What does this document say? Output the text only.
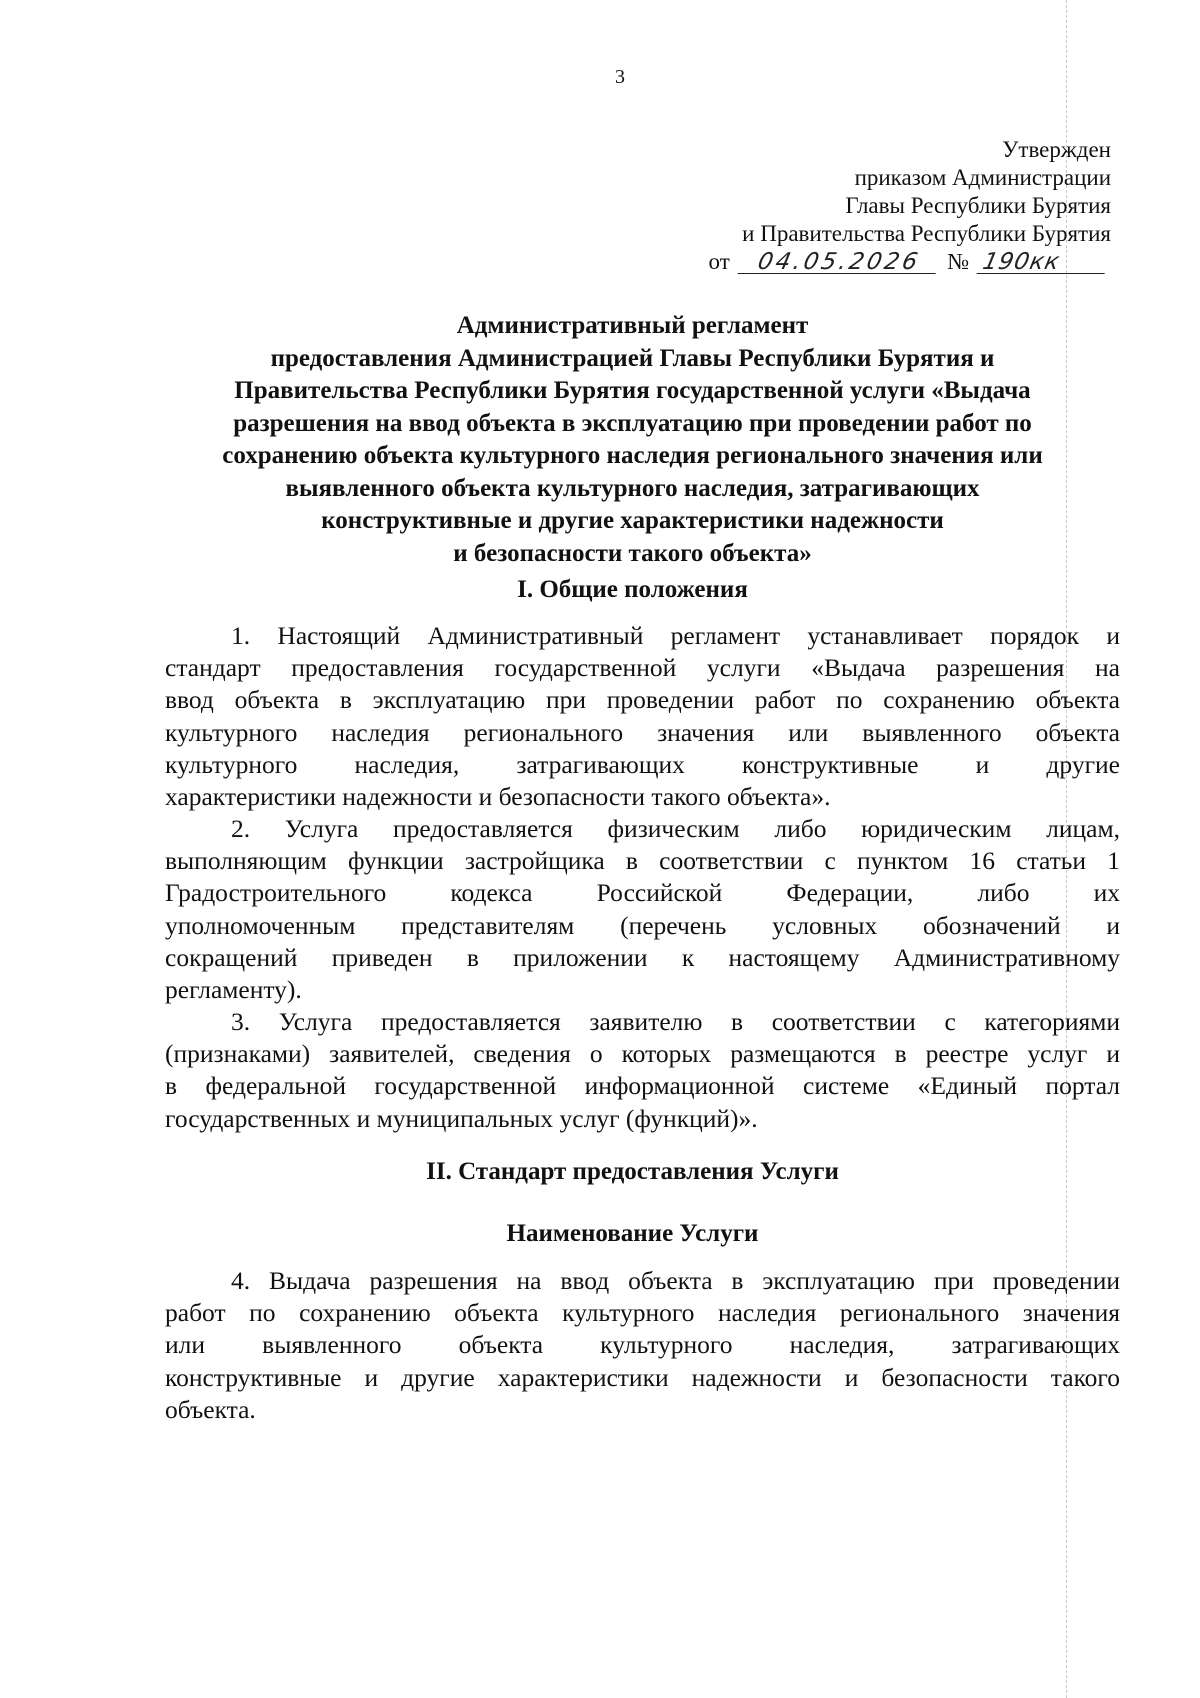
3
Утвержден
приказом Администрации
Главы Республики Бурятия
и Правительства Республики Бурятия
от 04.05.2026 № 190кк
Административный регламент
предоставления Администрацией Главы Республики Бурятия и
Правительства Республики Бурятия государственной услуги «Выдача
разрешения на ввод объекта в эксплуатацию при проведении работ по
сохранению объекта культурного наследия регионального значения или
выявленного объекта культурного наследия, затрагивающих
конструктивные и другие характеристики надежности
и безопасности такого объекта»
I. Общие положения
1. Настоящий Административный регламент устанавливает порядок и
стандарт предоставления государственной услуги «Выдача разрешения на
ввод объекта в эксплуатацию при проведении работ по сохранению объекта
культурного наследия регионального значения или выявленного объекта
культурного наследия, затрагивающих конструктивные и другие
характеристики надежности и безопасности такого объекта».
2. Услуга предоставляется физическим либо юридическим лицам,
выполняющим функции застройщика в соответствии с пунктом 16 статьи 1
Градостроительного кодекса Российской Федерации, либо их
уполномоченным представителям (перечень условных обозначений и
сокращений приведен в приложении к настоящему Административному
регламенту).
3. Услуга предоставляется заявителю в соответствии с категориями
(признаками) заявителей, сведения о которых размещаются в реестре услуг и
в федеральной государственной информационной системе «Единый портал
государственных и муниципальных услуг (функций)».
II. Стандарт предоставления Услуги
Наименование Услуги
4. Выдача разрешения на ввод объекта в эксплуатацию при проведении
работ по сохранению объекта культурного наследия регионального значения
или выявленного объекта культурного наследия, затрагивающих
конструктивные и другие характеристики надежности и безопасности такого
объекта.
